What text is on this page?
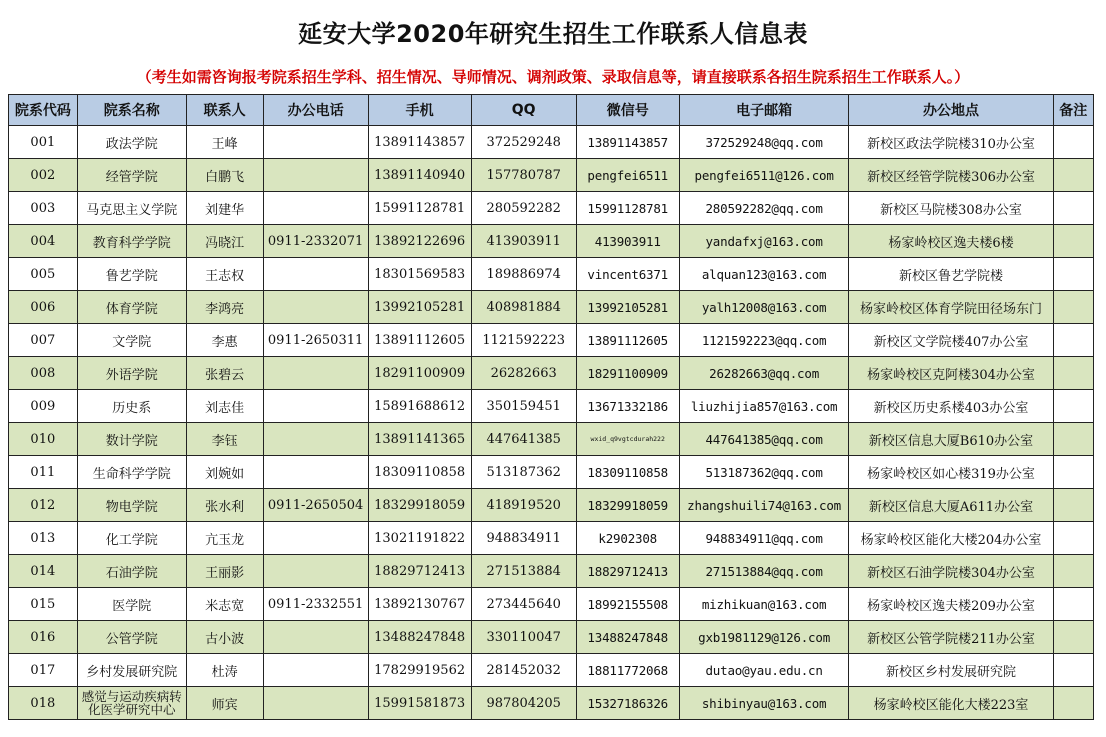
延安大学2020年研究生招生工作联系人信息表
（考生如需咨询报考院系招生学科、招生情况、导师情况、调剂政策、录取信息等，请直接联系各招生院系招生工作联系人。）
院系代码	院系名称	联系人	办公电话	手机	QQ	微信号	电子邮箱	办公地点	备注
001	政法学院	王峰		13891143857	372529248	13891143857	372529248@qq.com	新校区政法学院楼310办公室	
002	经管学院	白鹏飞		13891140940	157780787	pengfei6511	pengfei6511@126.com	新校区经管学院楼306办公室	
003	马克思主义学院	刘建华		15991128781	280592282	15991128781	280592282@qq.com	新校区马院楼308办公室	
004	教育科学学院	冯晓江	0911-2332071	13892122696	413903911	413903911	yandafxj@163.com	杨家岭校区逸夫楼6楼	
005	鲁艺学院	王志权		18301569583	189886974	vincent6371	alquan123@163.com	新校区鲁艺学院楼	
006	体育学院	李鸿亮		13992105281	408981884	13992105281	yalh12008@163.com	杨家岭校区体育学院田径场东门	
007	文学院	李惠	0911-2650311	13891112605	1121592223	13891112605	1121592223@qq.com	新校区文学院楼407办公室	
008	外语学院	张碧云		18291100909	26282663	18291100909	26282663@qq.com	杨家岭校区克阿楼304办公室	
009	历史系	刘志佳		15891688612	350159451	13671332186	liuzhijia857@163.com	新校区历史系楼403办公室	
010	数计学院	李钰		13891141365	447641385	wxid_q9vgtcdurah222	447641385@qq.com	新校区信息大厦B610办公室	
011	生命科学学院	刘婉如		18309110858	513187362	18309110858	513187362@qq.com	杨家岭校区如心楼319办公室	
012	物电学院	张水利	0911-2650504	18329918059	418919520	18329918059	zhangshuili74@163.com	新校区信息大厦A611办公室	
013	化工学院	亢玉龙		13021191822	948834911	k2902308	948834911@qq.com	杨家岭校区能化大楼204办公室	
014	石油学院	王丽影		18829712413	271513884	18829712413	271513884@qq.com	新校区石油学院楼304办公室	
015	医学院	米志宽	0911-2332551	13892130767	273445640	18992155508	mizhikuan@163.com	杨家岭校区逸夫楼209办公室	
016	公管学院	古小波		13488247848	330110047	13488247848	gxb1981129@126.com	新校区公管学院楼211办公室	
017	乡村发展研究院	杜涛		17829919562	281452032	18811772068	dutao@yau.edu.cn	新校区乡村发展研究院	
018	感觉与运动疾病转化医学研究中心	师宾		15991581873	987804205	15327186326	shibinyau@163.com	杨家岭校区能化大楼223室	
